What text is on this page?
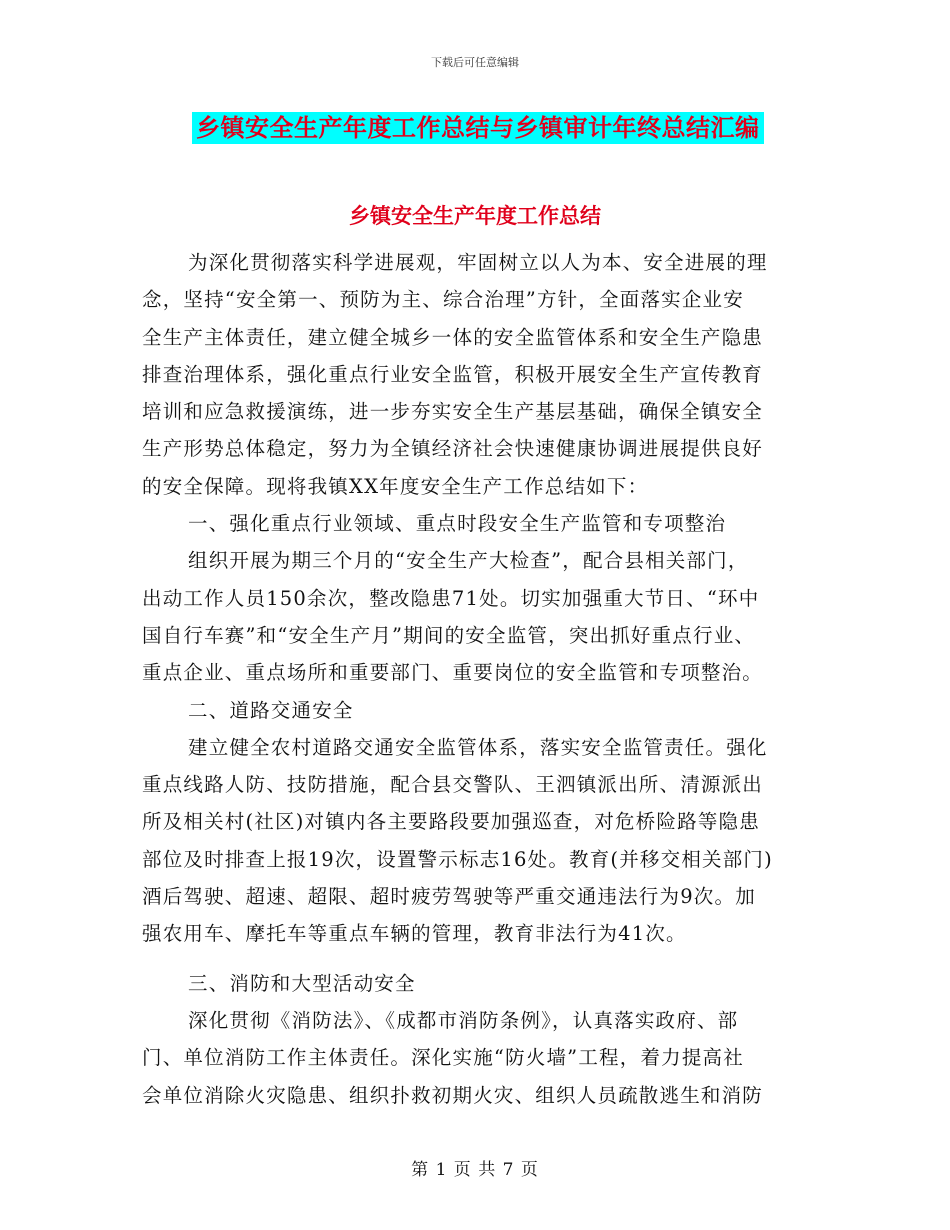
下载后可任意编辑
乡镇安全生产年度工作总结与乡镇审计年终总结汇编
乡镇安全生产年度工作总结
为深化贯彻落实科学进展观，牢固树立以人为本、安全进展的理
念，坚持“安全第一、预防为主、综合治理”方针，全面落实企业安
全生产主体责任，建立健全城乡一体的安全监管体系和安全生产隐患
排查治理体系，强化重点行业安全监管，积极开展安全生产宣传教育
培训和应急救援演练，进一步夯实安全生产基层基础，确保全镇安全
生产形势总体稳定，努力为全镇经济社会快速健康协调进展提供良好
的安全保障。现将我镇XX年度安全生产工作总结如下：
一、强化重点行业领域、重点时段安全生产监管和专项整治
组织开展为期三个月的“安全生产大检查”，配合县相关部门，
出动工作人员150余次，整改隐患71处。切实加强重大节日、“环中
国自行车赛”和“安全生产月”期间的安全监管，突出抓好重点行业、
重点企业、重点场所和重要部门、重要岗位的安全监管和专项整治。
二、道路交通安全
建立健全农村道路交通安全监管体系，落实安全监管责任。强化
重点线路人防、技防措施，配合县交警队、王泗镇派出所、清源派出
所及相关村(社区)对镇内各主要路段要加强巡查，对危桥险路等隐患
部位及时排查上报19次，设置警示标志16处。教育(并移交相关部门)
酒后驾驶、超速、超限、超时疲劳驾驶等严重交通违法行为9次。加
强农用车、摩托车等重点车辆的管理，教育非法行为41次。
三、消防和大型活动安全
深化贯彻《消防法》、《成都市消防条例》，认真落实政府、部
门、单位消防工作主体责任。深化实施“防火墙”工程，着力提高社
会单位消除火灾隐患、组织扑救初期火灾、组织人员疏散逃生和消防
第 1 页 共 7 页
